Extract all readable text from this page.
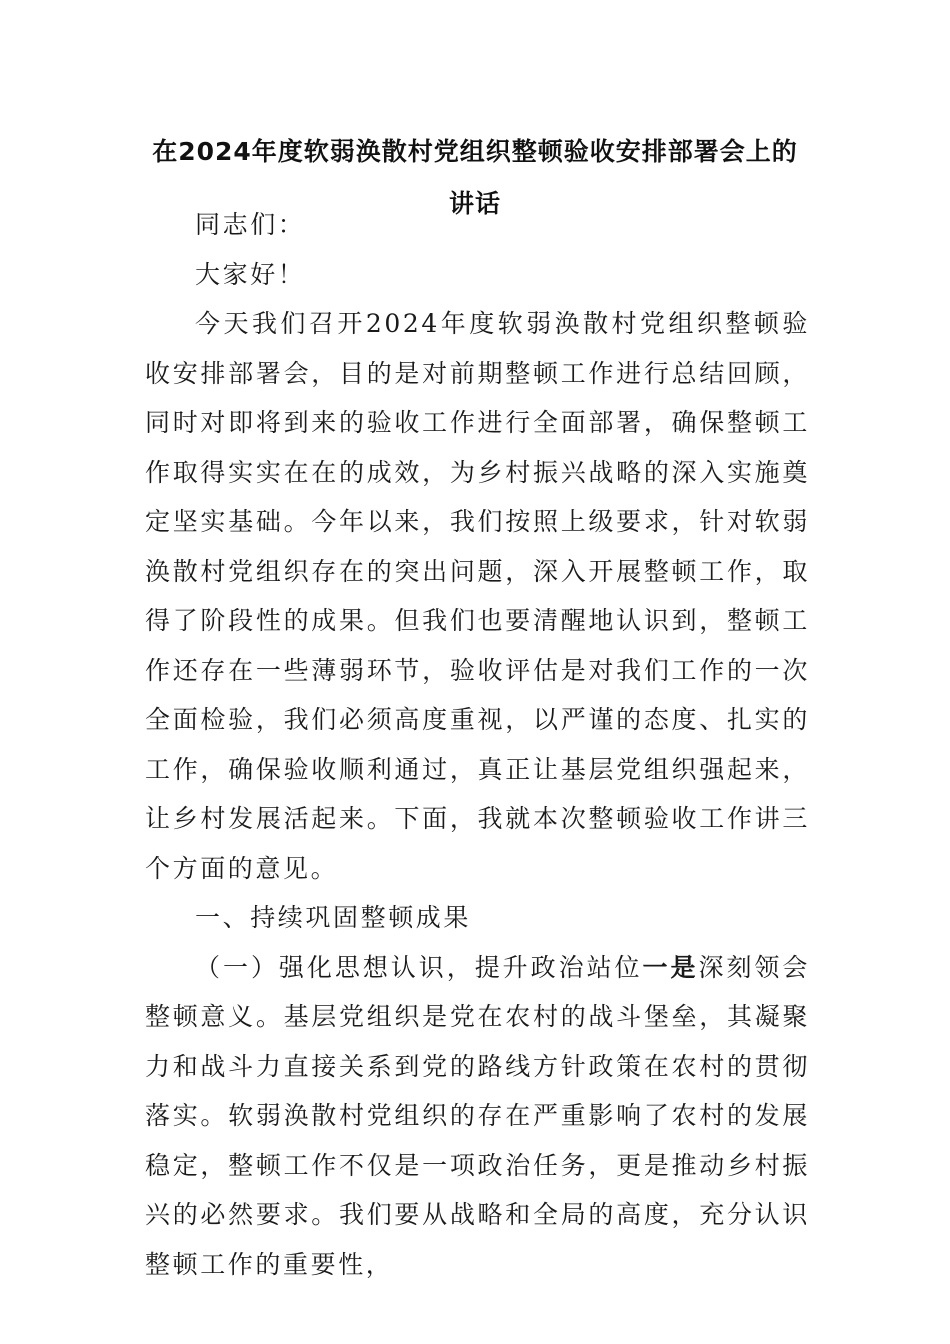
在2024年度软弱涣散村党组织整顿验收安排部署会上的讲话

同志们：

大家好！

今天我们召开2024年度软弱涣散村党组织整顿验收安排部署会，目的是对前期整顿工作进行总结回顾，同时对即将到来的验收工作进行全面部署，确保整顿工作取得实实在在的成效，为乡村振兴战略的深入实施奠定坚实基础。今年以来，我们按照上级要求，针对软弱涣散村党组织存在的突出问题，深入开展整顿工作，取得了阶段性的成果。但我们也要清醒地认识到，整顿工作还存在一些薄弱环节，验收评估是对我们工作的一次全面检验，我们必须高度重视，以严谨的态度、扎实的工作，确保验收顺利通过，真正让基层党组织强起来，让乡村发展活起来。下面，我就本次整顿验收工作讲三个方面的意见。

一、持续巩固整顿成果

（一）强化思想认识，提升政治站位一是深刻领会整顿意义。基层党组织是党在农村的战斗堡垒，其凝聚力和战斗力直接关系到党的路线方针政策在农村的贯彻落实。软弱涣散村党组织的存在严重影响了农村的发展稳定，整顿工作不仅是一项政治任务，更是推动乡村振兴的必然要求。我们要从战略和全局的高度，充分认识整顿工作的重要性，
